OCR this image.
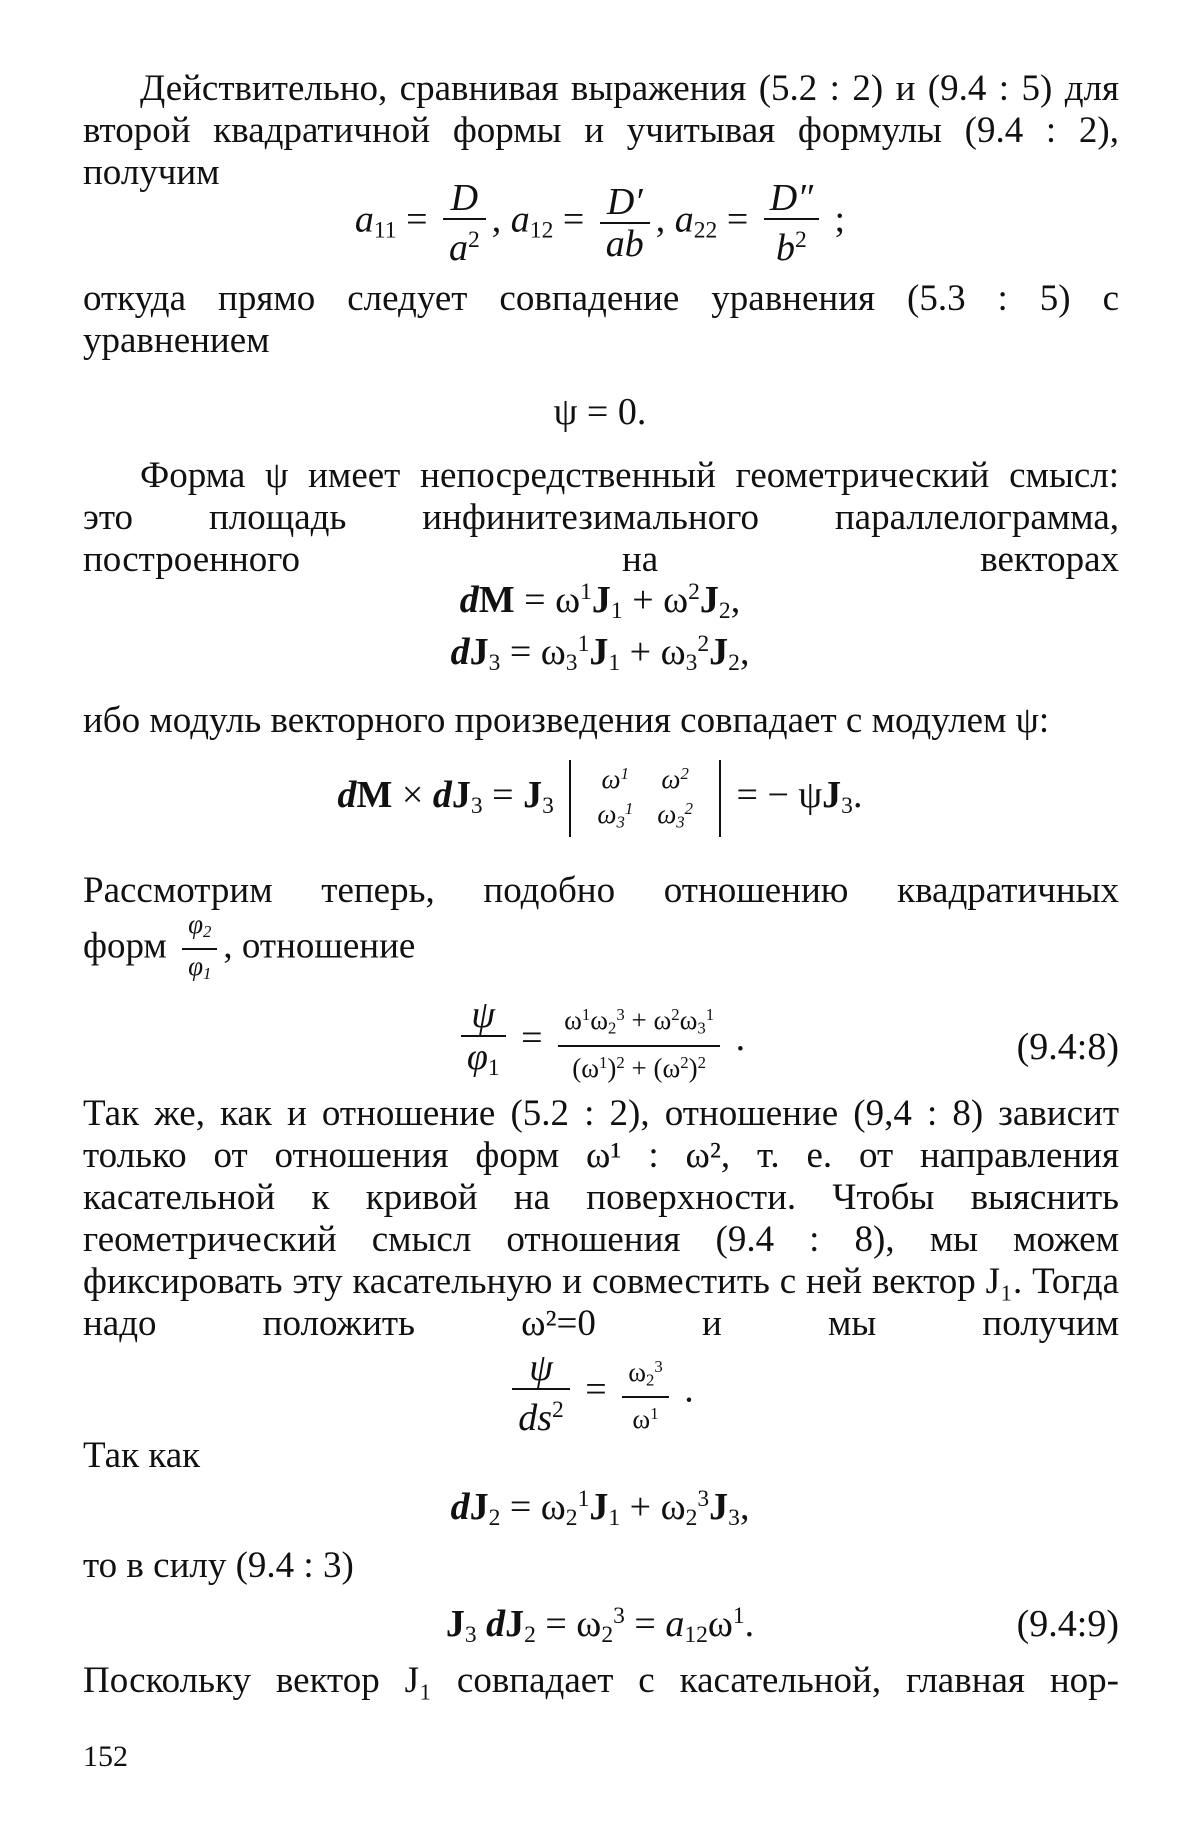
Действительно, сравнивая выражения (5.2 : 2) и (9.4 : 5) для второй квадратичной формы и учитывая формулы (9.4 : 2), получим
$a_{11} = \frac{D}{a^2}$ , $a_{12} = \frac{D'}{ab}$ , $a_{22} = \frac{D''}{b^2}$ ;
откуда прямо следует совпадение уравнения (5.3 : 5) с уравнением
ψ = 0.
Форма ψ имеет непосредственный геометрический смысл: это площадь инфинитезимального параллелограмма, построенного на векторах
dM = $\omega^1J_1 + \omega^2J_2$,
$dJ_3 = \omega_3^1J_1 + \omega_3^2J_2$,
ибо модуль векторного произведения совпадает с модулем ψ:
dM × $dJ_3 = J_3$
$\omega^1$	$\omega^2$
$\omega_3^1$	$\omega_3^2$ = − $\psi J_3$.
Рассмотрим теперь, подобно отношению квадратичных
форм $\frac{\varphi_2}{\varphi_1}$ , отношение
$\frac{\psi}{\varphi_1} = \frac{\omega^1\omega_2^3 + \omega^2\omega_3^1}{(\omega^1)^2 + (\omega^2)^2}$ .	(9.4:8)
Так же, как и отношение (5.2 : 2), отношение (9,4 : 8) зависит только от отношения форм ω¹ : ω², т. е. от направления касательной к кривой на поверхности. Чтобы выяснить геометрический смысл отношения (9.4 : 8), мы можем фиксировать эту касательную и совместить с ней вектор J₁. Тогда надо положить ω²=0 и мы получим
$\frac{\psi}{ds^2} = \frac{\omega_2^3}{\omega^1}$ .
Так как
$dJ_2 = \omega_2^1J_1 + \omega_2^3J_3$,
то в силу (9.4 : 3)
$J_3$ $dJ_2 = \omega_2^3 = a_{12}\omega^1$.	(9.4:9)
Поскольку вектор J₁ совпадает с касательной, главная нор-
152
